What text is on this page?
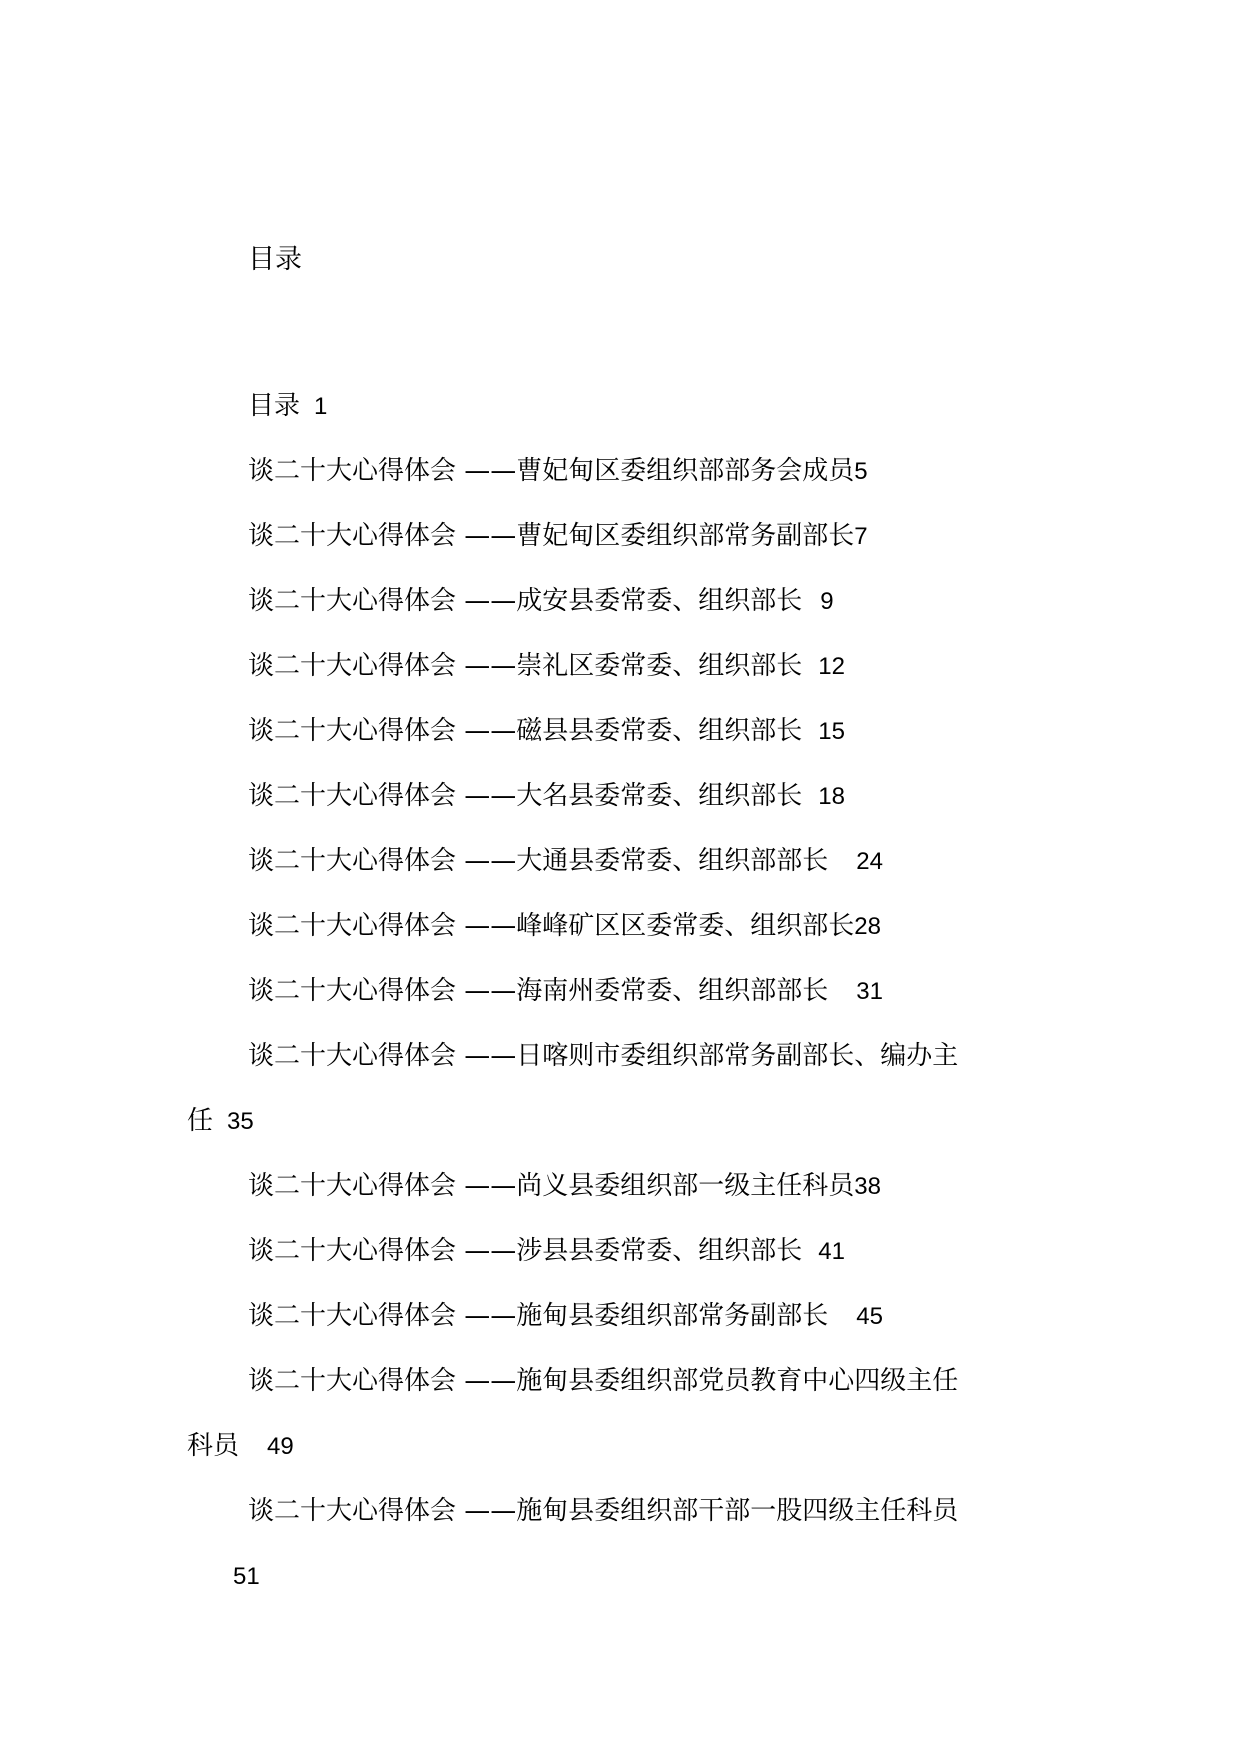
目录

目录 1

谈二十大心得体会 ——曹妃甸区委组织部部务会成员5

谈二十大心得体会 ——曹妃甸区委组织部常务副部长7

谈二十大心得体会 ——成安县委常委、组织部长 9

谈二十大心得体会 ——崇礼区委常委、组织部长 12

谈二十大心得体会 ——磁县县委常委、组织部长 15

谈二十大心得体会 ——大名县委常委、组织部长 18

谈二十大心得体会 ——大通县委常委、组织部部长 24

谈二十大心得体会 ——峰峰矿区区委常委、组织部长28

谈二十大心得体会 ——海南州委常委、组织部部长 31

谈二十大心得体会 ——日喀则市委组织部常务副部长、编办主

任 35

谈二十大心得体会 ——尚义县委组织部一级主任科员38

谈二十大心得体会 ——涉县县委常委、组织部长 41

谈二十大心得体会 ——施甸县委组织部常务副部长 45

谈二十大心得体会 ——施甸县委组织部党员教育中心四级主任

科员 49

谈二十大心得体会 ——施甸县委组织部干部一股四级主任科员

51
